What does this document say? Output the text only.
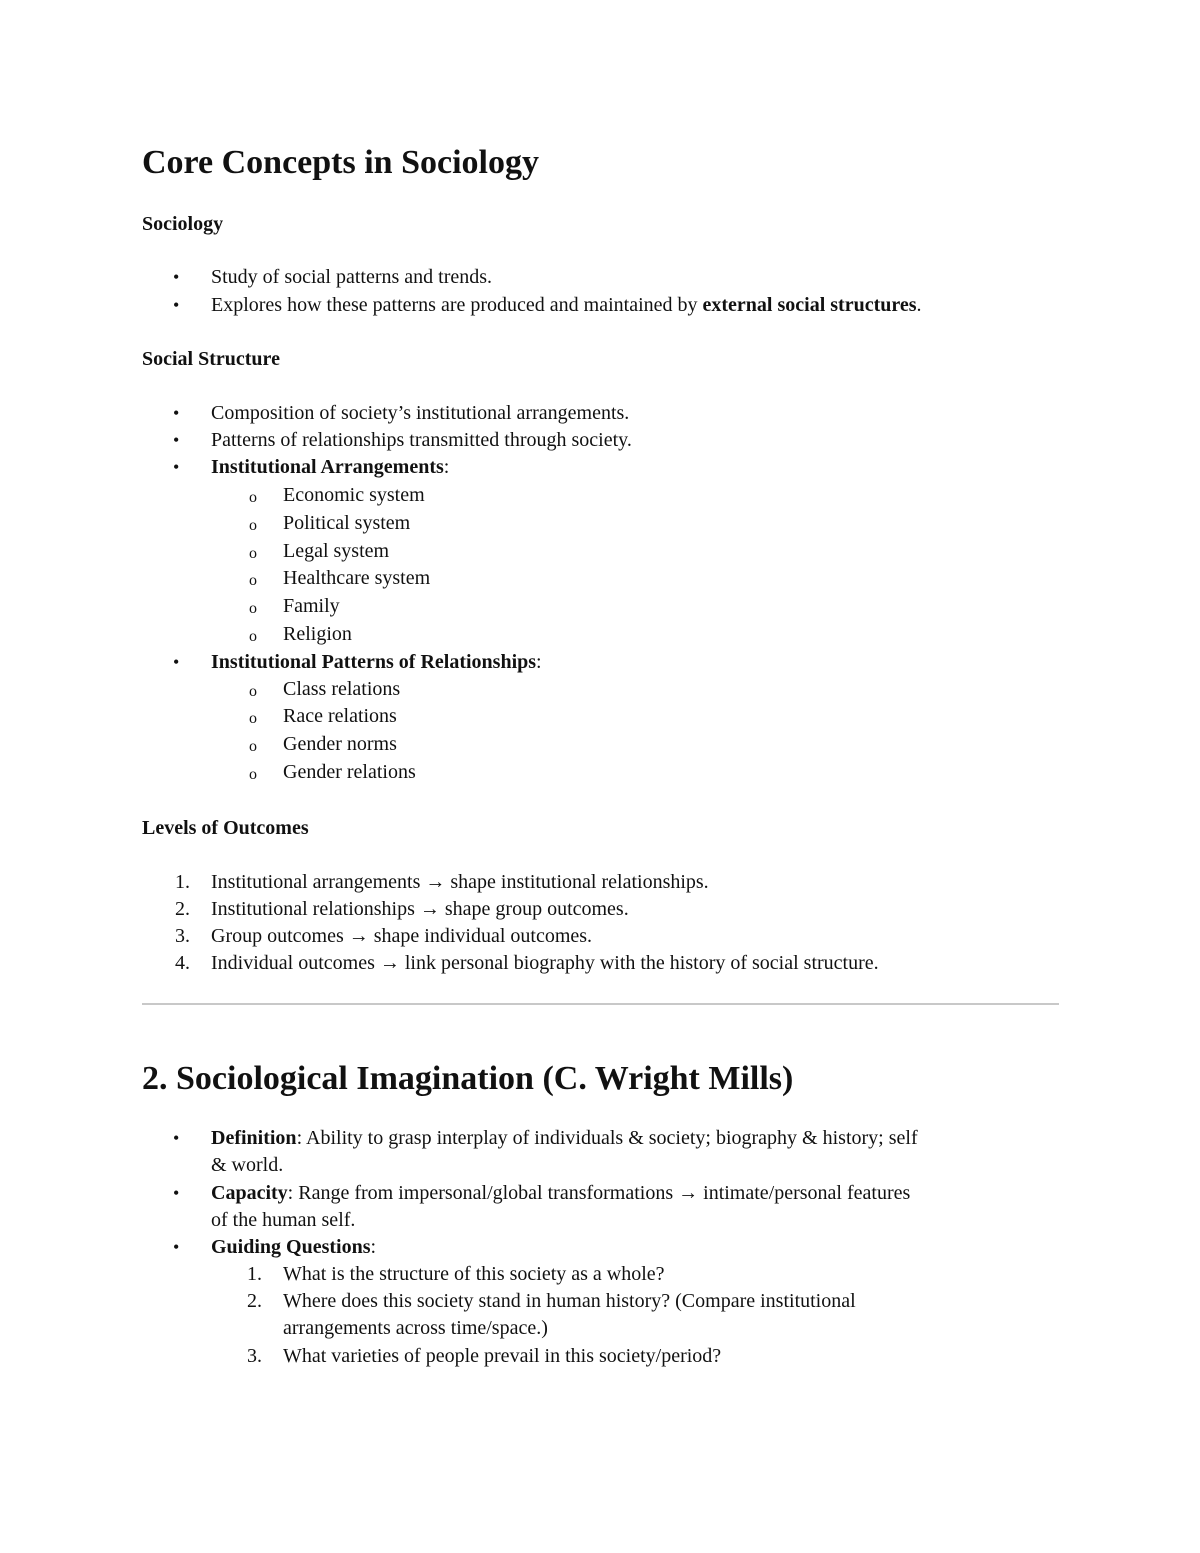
Core Concepts in Sociology
Sociology
• Study of social patterns and trends.
• Explores how these patterns are produced and maintained by external social structures.
Social Structure
• Composition of society’s institutional arrangements.
• Patterns of relationships transmitted through society.
• Institutional Arrangements:
o Economic system
o Political system
o Legal system
o Healthcare system
o Family
o Religion
• Institutional Patterns of Relationships:
o Class relations
o Race relations
o Gender norms
o Gender relations
Levels of Outcomes
1. Institutional arrangements → shape institutional relationships.
2. Institutional relationships → shape group outcomes.
3. Group outcomes → shape individual outcomes.
4. Individual outcomes → link personal biography with the history of social structure.
2. Sociological Imagination (C. Wright Mills)
• Definition: Ability to grasp interplay of individuals & society; biography & history; self
& world.
• Capacity: Range from impersonal/global transformations → intimate/personal features
of the human self.
• Guiding Questions:
1. What is the structure of this society as a whole?
2. Where does this society stand in human history? (Compare institutional
arrangements across time/space.)
3. What varieties of people prevail in this society/period?
